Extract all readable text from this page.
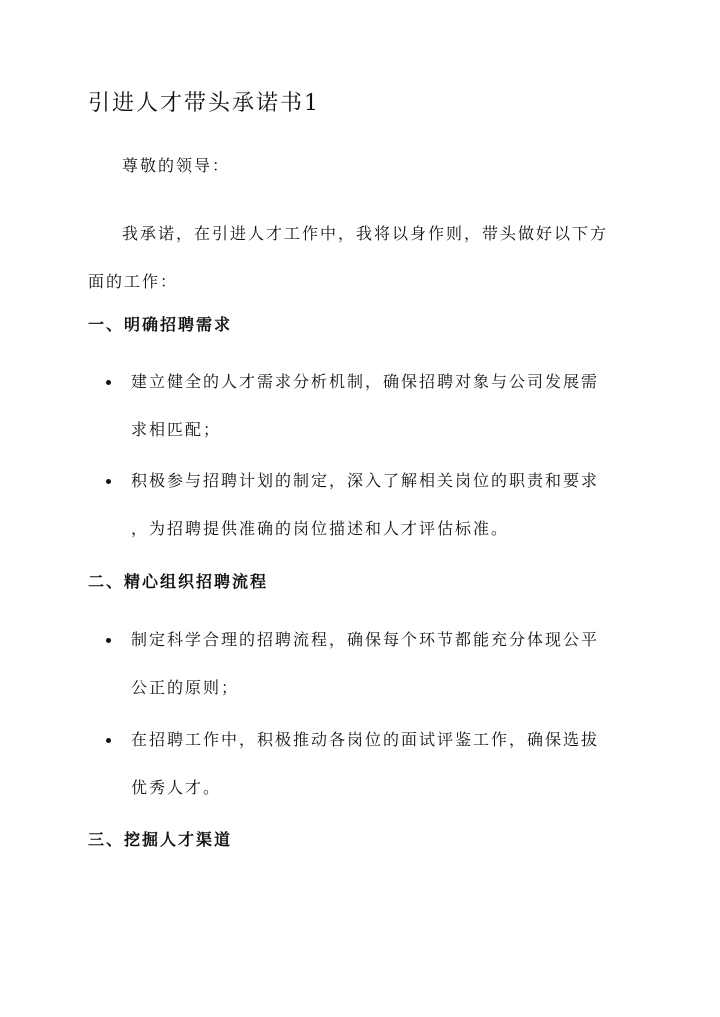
引进人才带头承诺书1
尊敬的领导：
我承诺，在引进人才工作中，我将以身作则，带头做好以下方
面的工作：
一、明确招聘需求
建立健全的人才需求分析机制，确保招聘对象与公司发展需
求相匹配；
积极参与招聘计划的制定，深入了解相关岗位的职责和要求
，为招聘提供准确的岗位描述和人才评估标准。
二、精心组织招聘流程
制定科学合理的招聘流程，确保每个环节都能充分体现公平
公正的原则；
在招聘工作中，积极推动各岗位的面试评鉴工作，确保选拔
优秀人才。
三、挖掘人才渠道
